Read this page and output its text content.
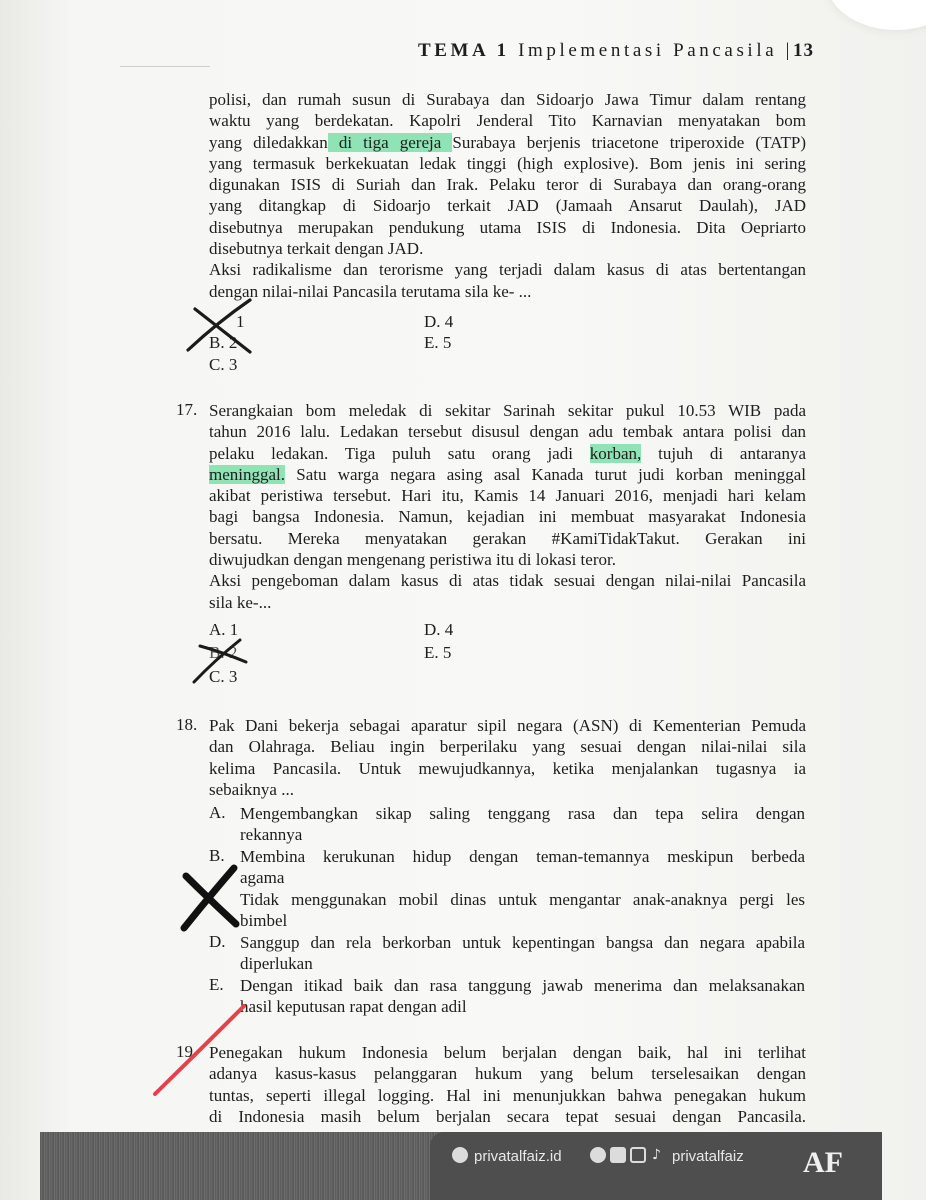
TEMA 1 Implementasi Pancasila |13
polisi, dan rumah susun di Surabaya dan Sidoarjo Jawa Timur dalam rentang
waktu yang berdekatan. Kapolri Jenderal Tito Karnavian menyatakan bom
yang diledakkan di tiga gereja Surabaya berjenis triacetone triperoxide (TATP)
yang termasuk berkekuatan ledak tinggi (high explosive). Bom jenis ini sering
digunakan ISIS di Suriah dan Irak. Pelaku teror di Surabaya dan orang-orang
yang ditangkap di Sidoarjo terkait JAD (Jamaah Ansarut Daulah), JAD
disebutnya merupakan pendukung utama ISIS di Indonesia. Dita Oepriarto
disebutnya terkait dengan JAD.
Aksi radikalisme dan terorisme yang terjadi dalam kasus di atas bertentangan
dengan nilai-nilai Pancasila terutama sila ke- ...
1
B. 2
C. 3
D. 4
E. 5
17. Serangkaian bom meledak di sekitar Sarinah sekitar pukul 10.53 WIB pada
tahun 2016 lalu. Ledakan tersebut disusul dengan adu tembak antara polisi dan
pelaku ledakan. Tiga puluh satu orang jadi korban, tujuh di antaranya
meninggal. Satu warga negara asing asal Kanada turut judi korban meninggal
akibat peristiwa tersebut. Hari itu, Kamis 14 Januari 2016, menjadi hari kelam
bagi bangsa Indonesia. Namun, kejadian ini membuat masyarakat Indonesia
bersatu. Mereka menyatakan gerakan #KamiTidakTakut. Gerakan ini
diwujudkan dengan mengenang peristiwa itu di lokasi teror.
Aksi pengeboman dalam kasus di atas tidak sesuai dengan nilai-nilai Pancasila
sila ke-...
A. 1
B. 2
C. 3
D. 4
E. 5
18. Pak Dani bekerja sebagai aparatur sipil negara (ASN) di Kementerian Pemuda
dan Olahraga. Beliau ingin berperilaku yang sesuai dengan nilai-nilai sila
kelima Pancasila. Untuk mewujudkannya, ketika menjalankan tugasnya ia
sebaiknya ...
A. Mengembangkan sikap saling tenggang rasa dan tepa selira dengan
rekannya
B. Membina kerukunan hidup dengan teman-temannya meskipun berbeda
agama
Tidak menggunakan mobil dinas untuk mengantar anak-anaknya pergi les
bimbel
D. Sanggup dan rela berkorban untuk kepentingan bangsa dan negara apabila
diperlukan
E. Dengan itikad baik dan rasa tanggung jawab menerima dan melaksanakan
hasil keputusan rapat dengan adil
19. Penegakan hukum Indonesia belum berjalan dengan baik, hal ini terlihat
adanya kasus-kasus pelanggaran hukum yang belum terselesaikan dengan
tuntas, seperti illegal logging. Hal ini menunjukkan bahwa penegakan hukum
di Indonesia masih belum berjalan secara tepat sesuai dengan Pancasila.
privatalfaiz.id	♪ privatalfaiz AF
